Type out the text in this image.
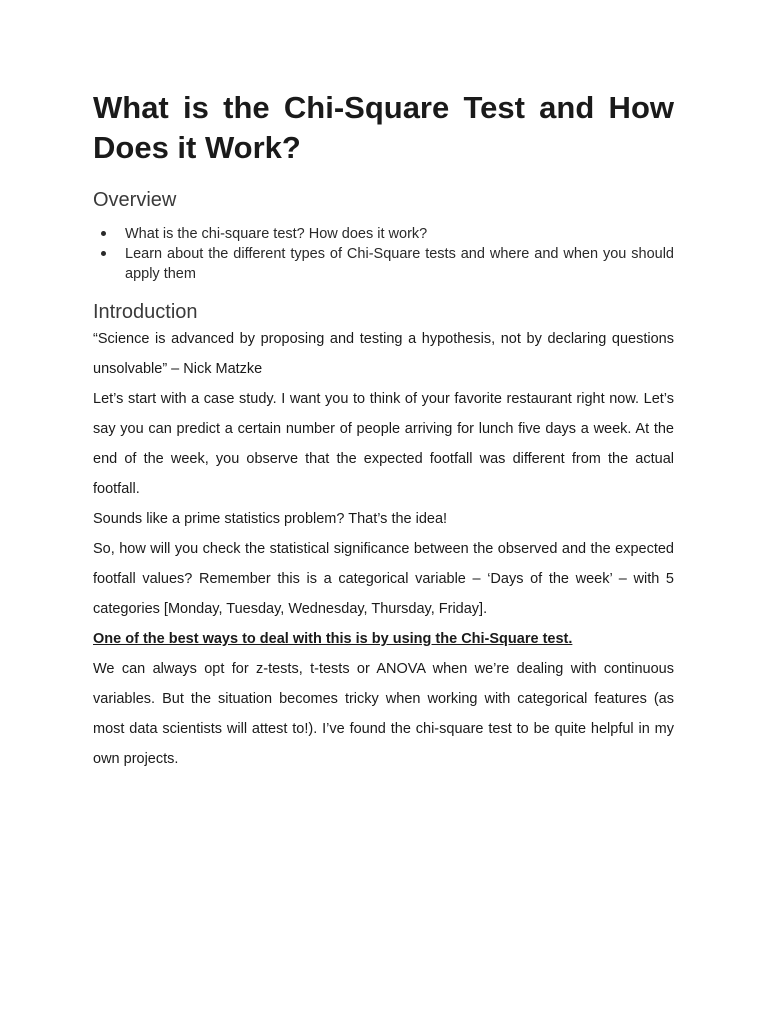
What is the Chi-Square Test and How Does it Work?
Overview
What is the chi-square test? How does it work?
Learn about the different types of Chi-Square tests and where and when you should apply them
Introduction

“Science is advanced by proposing and testing a hypothesis, not by declaring questions unsolvable” – Nick Matzke

Let’s start with a case study. I want you to think of your favorite restaurant right now. Let’s say you can predict a certain number of people arriving for lunch five days a week. At the end of the week, you observe that the expected footfall was different from the actual footfall.

Sounds like a prime statistics problem? That’s the idea!

So, how will you check the statistical significance between the observed and the expected footfall values? Remember this is a categorical variable – ‘Days of the week’ – with 5 categories [Monday, Tuesday, Wednesday, Thursday, Friday].

One of the best ways to deal with this is by using the Chi-Square test.

We can always opt for z-tests, t-tests or ANOVA when we’re dealing with continuous variables. But the situation becomes tricky when working with categorical features (as most data scientists will attest to!). I’ve found the chi-square test to be quite helpful in my own projects.
